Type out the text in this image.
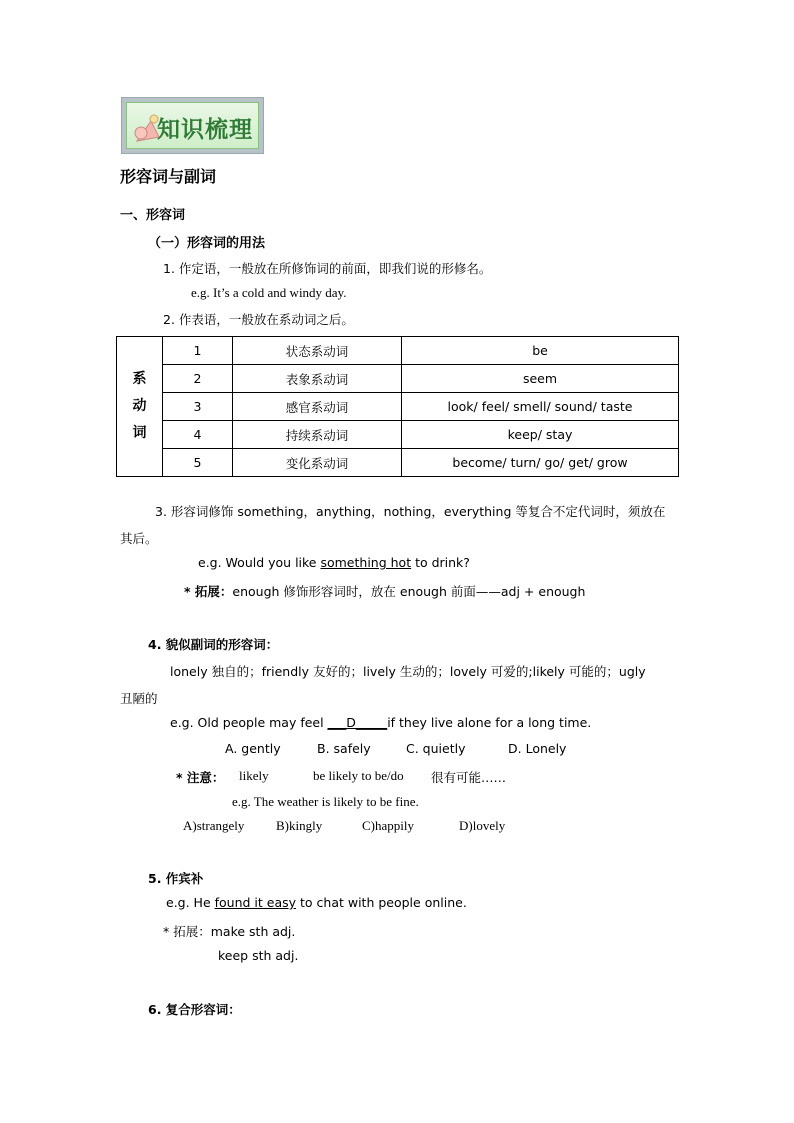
知识梳理
形容词与副词
一、形容词
（一）形容词的用法
1. 作定语，一般放在所修饰词的前面，即我们说的形修名。
e.g. It’s a cold and windy day.
2. 作表语，一般放在系动词之后。
系
动
词	1	状态系动词	be
	2	表象系动词	seem
	3	感官系动词	look/ feel/ smell/ sound/ taste
	4	持续系动词	keep/ stay
	5	变化系动词	become/ turn/ go/ get/ grow
3. 形容词修饰 something，anything，nothing，everything 等复合不定代词时，须放在
其后。
e.g. Would you like something hot to drink?
* 拓展：enough 修饰形容词时，放在 enough 前面——adj + enough
4. 貌似副词的形容词：
lonely 独自的；friendly 友好的；lively 生动的；lovely 可爱的;likely 可能的；ugly
丑陋的
e.g. Old people may feel ___D_____if they live alone for a long time.
A. gently	B. safely	C. quietly	D. Lonely
* 注意： likely	be likely to be/do 很有可能……
e.g. The weather is likely to be fine.
A)strangely B)kingly	C)happily	D)lovely
5. 作宾补
e.g. He found it easy to chat with people online.
* 拓展：make sth adj.
keep sth adj.
6. 复合形容词：
